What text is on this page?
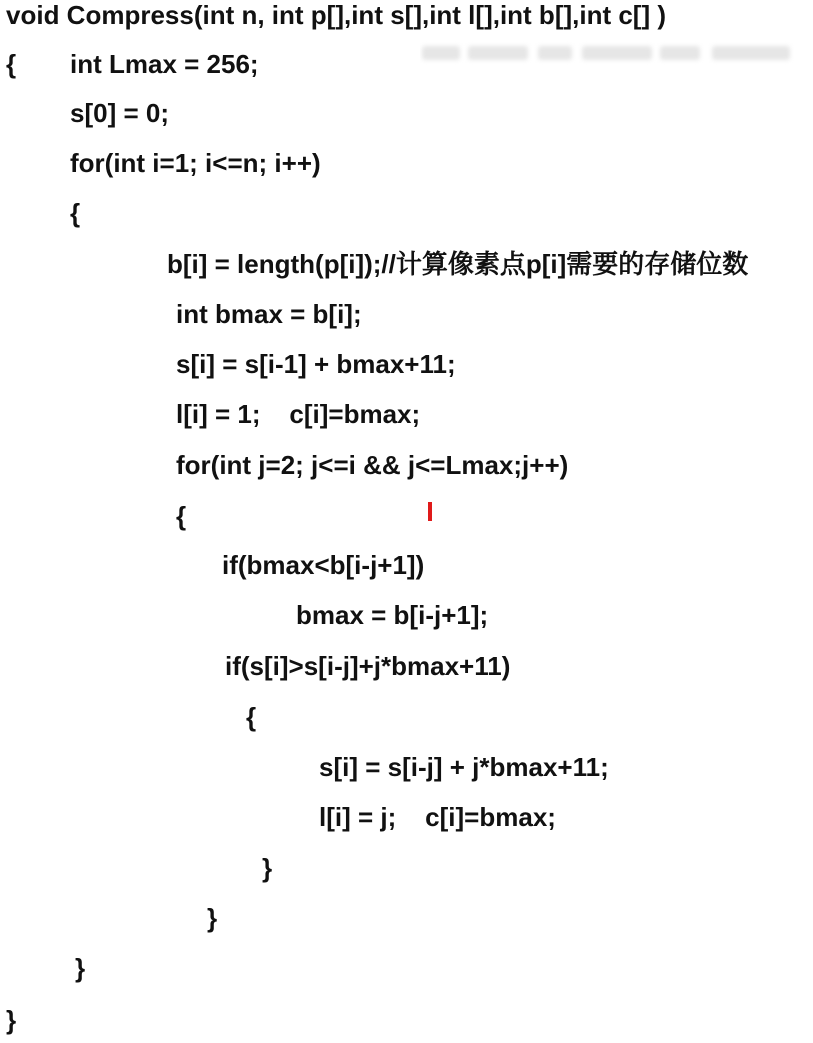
void Compress(int n, int p[],int s[],int l[],int b[],int c[] )
{ int Lmax = 256;
s[0] = 0;
for(int i=1; i<=n; i++)
{
b[i] = length(p[i]);//计算像素点p[i]需要的存储位数
int bmax = b[i];
s[i] = s[i-1] + bmax+11;
l[i] = 1;    c[i]=bmax;
for(int j=2; j<=i && j<=Lmax;j++)
{
if(bmax<b[i-j+1])
bmax = b[i-j+1];
if(s[i]>s[i-j]+j*bmax+11)
{
s[i] = s[i-j] + j*bmax+11;
l[i] = j;    c[i]=bmax;
}
}
}
}
